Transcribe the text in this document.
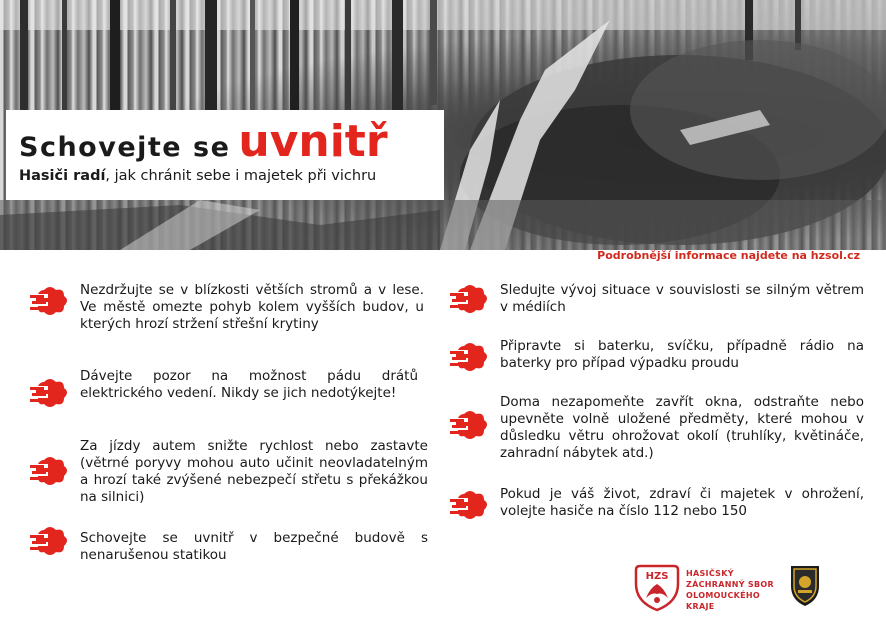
Schovejte se uvnitř
Hasiči radí, jak chránit sebe i majetek při vichru
Podrobnější informace najdete na hzsol.cz
Nezdržujte se v blízkosti větších stromů a v lese. Ve městě omezte pohyb kolem vyšších budov, u kterých hrozí stržení střešní krytiny
Dávejte pozor na možnost pádu drátů elektrického vedení. Nikdy se jich nedotýkejte!
Za jízdy autem snižte rychlost nebo zastavte (větrné poryvy mohou auto učinit neovladatelným a hrozí také zvýšené nebezpečí střetu s překážkou na silnici)
Schovejte se uvnitř v bezpečné budově s nenarušenou statikou
Sledujte vývoj situace v souvislosti se silným větrem v médiích
Připravte si baterku, svíčku, případně rádio na baterky pro případ výpadku proudu
Doma nezapomeňte zavřít okna, odstraňte nebo upevněte volně uložené předměty, které mohou v důsledku větru ohrožovat okolí (truhlíky, květináče, zahradní nábytek atd.)
Pokud je váš život, zdraví či majetek v ohrožení, volejte hasiče na číslo 112 nebo 150
HZS HASIČSKÝ
ZÁCHRANNÝ SBOR
OLOMOUCKÉHO
KRAJE
